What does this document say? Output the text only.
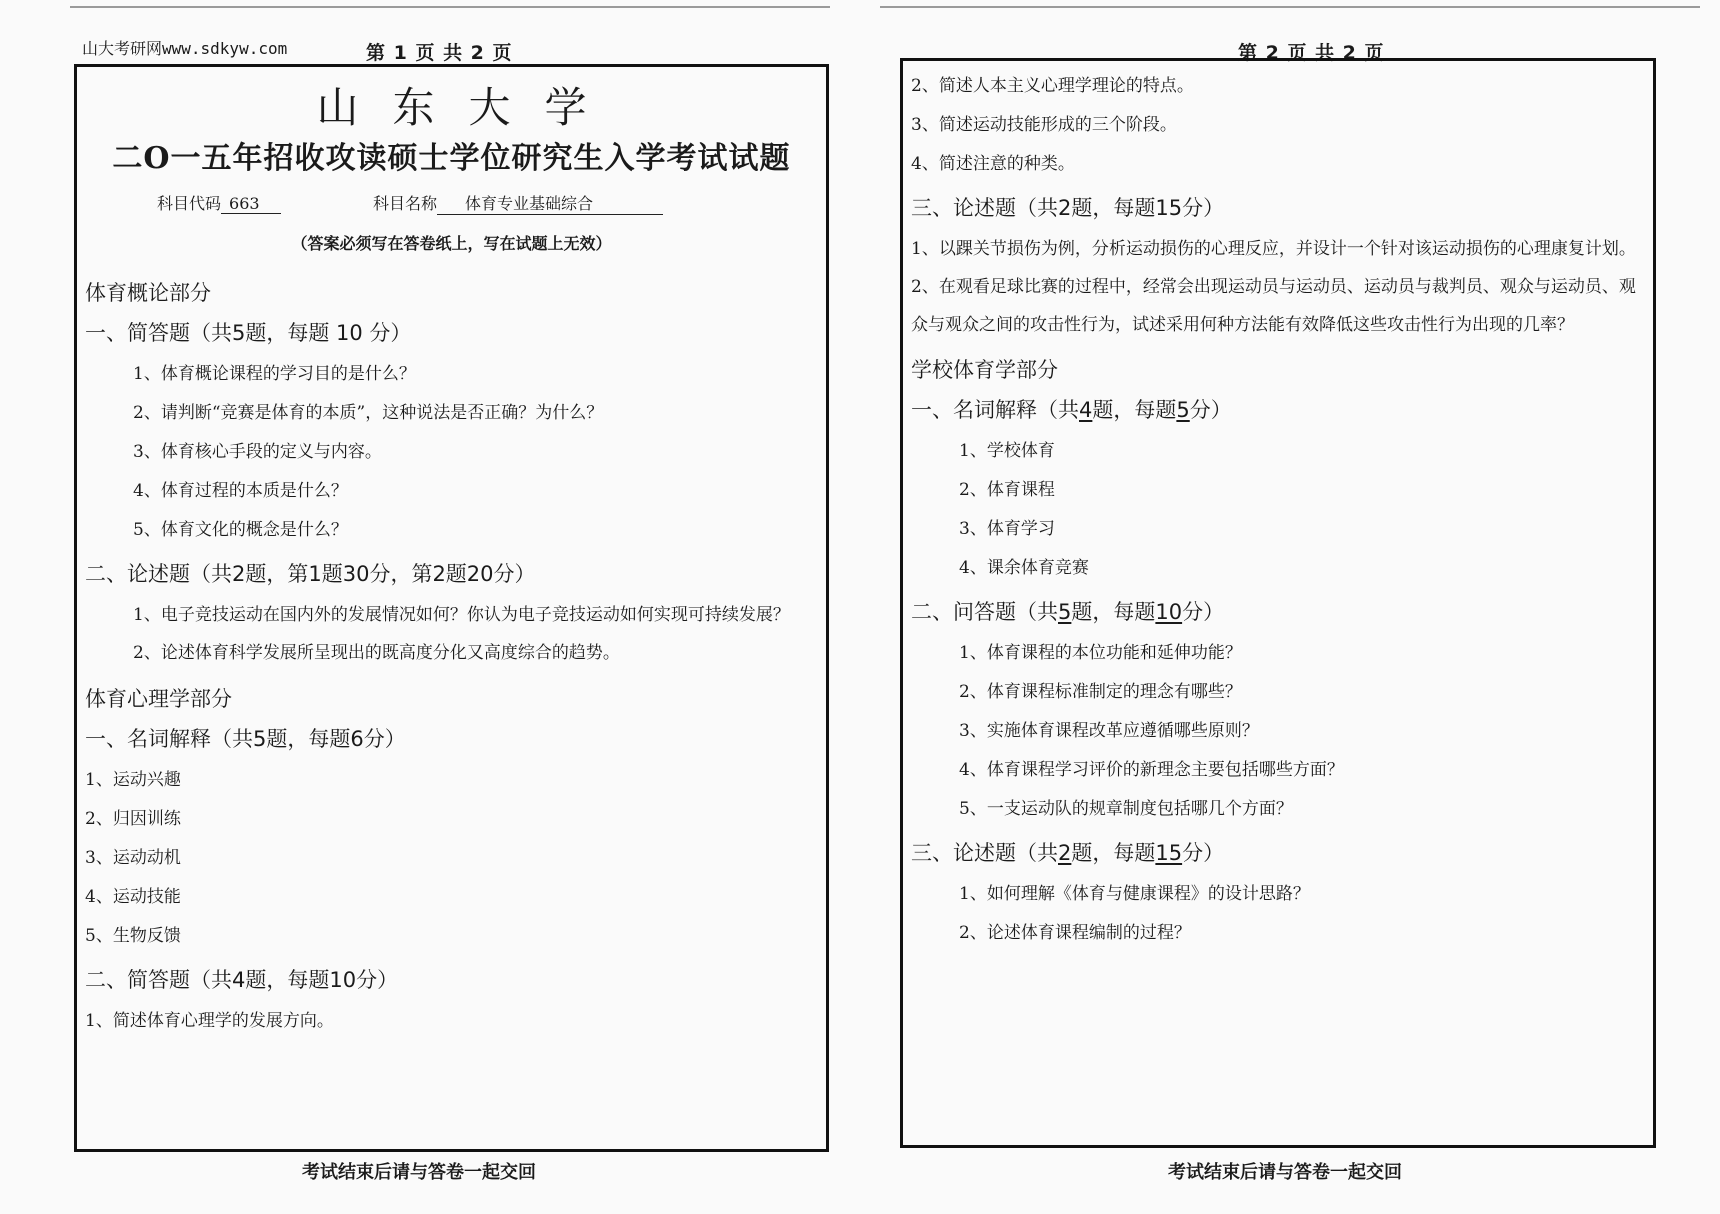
山大考研网www.sdkyw.com	第 1 页 共 2 页
山东大学
二O一五年招收攻读硕士学位研究生入学考试试题
科目代码 663	科目名称 体育专业基础综合
（答案必须写在答卷纸上，写在试题上无效）
体育概论部分
一、简答题（共5题，每题 10 分）
1、体育概论课程的学习目的是什么？
2、请判断“竞赛是体育的本质”，这种说法是否正确？为什么？
3、体育核心手段的定义与内容。
4、体育过程的本质是什么？
5、体育文化的概念是什么？
二、论述题（共2题，第1题30分，第2题20分）
1、电子竞技运动在国内外的发展情况如何？你认为电子竞技运动如何实现可持续发展？
2、论述体育科学发展所呈现出的既高度分化又高度综合的趋势。
体育心理学部分
一、名词解释（共5题，每题6分）
1、运动兴趣
2、归因训练
3、运动动机
4、运动技能
5、生物反馈
二、简答题（共4题，每题10分）
1、简述体育心理学的发展方向。
考试结束后请与答卷一起交回
第 2 页 共 2 页
2、简述人本主义心理学理论的特点。
3、简述运动技能形成的三个阶段。
4、简述注意的种类。
三、论述题（共2题，每题15分）
1、以踝关节损伤为例，分析运动损伤的心理反应，并设计一个针对该运动损伤的心理康复计划。
2、在观看足球比赛的过程中，经常会出现运动员与运动员、运动员与裁判员、观众与运动员、观众与观众之间的攻击性行为，试述采用何种方法能有效降低这些攻击性行为出现的几率？
学校体育学部分
一、名词解释（共4题，每题5分）
1、学校体育
2、体育课程
3、体育学习
4、课余体育竞赛
二、问答题（共5题，每题10分）
1、体育课程的本位功能和延伸功能？
2、体育课程标准制定的理念有哪些？
3、实施体育课程改革应遵循哪些原则？
4、体育课程学习评价的新理念主要包括哪些方面？
5、一支运动队的规章制度包括哪几个方面？
三、论述题（共2题，每题15分）
1、如何理解《体育与健康课程》的设计思路？
2、论述体育课程编制的过程？
考试结束后请与答卷一起交回
